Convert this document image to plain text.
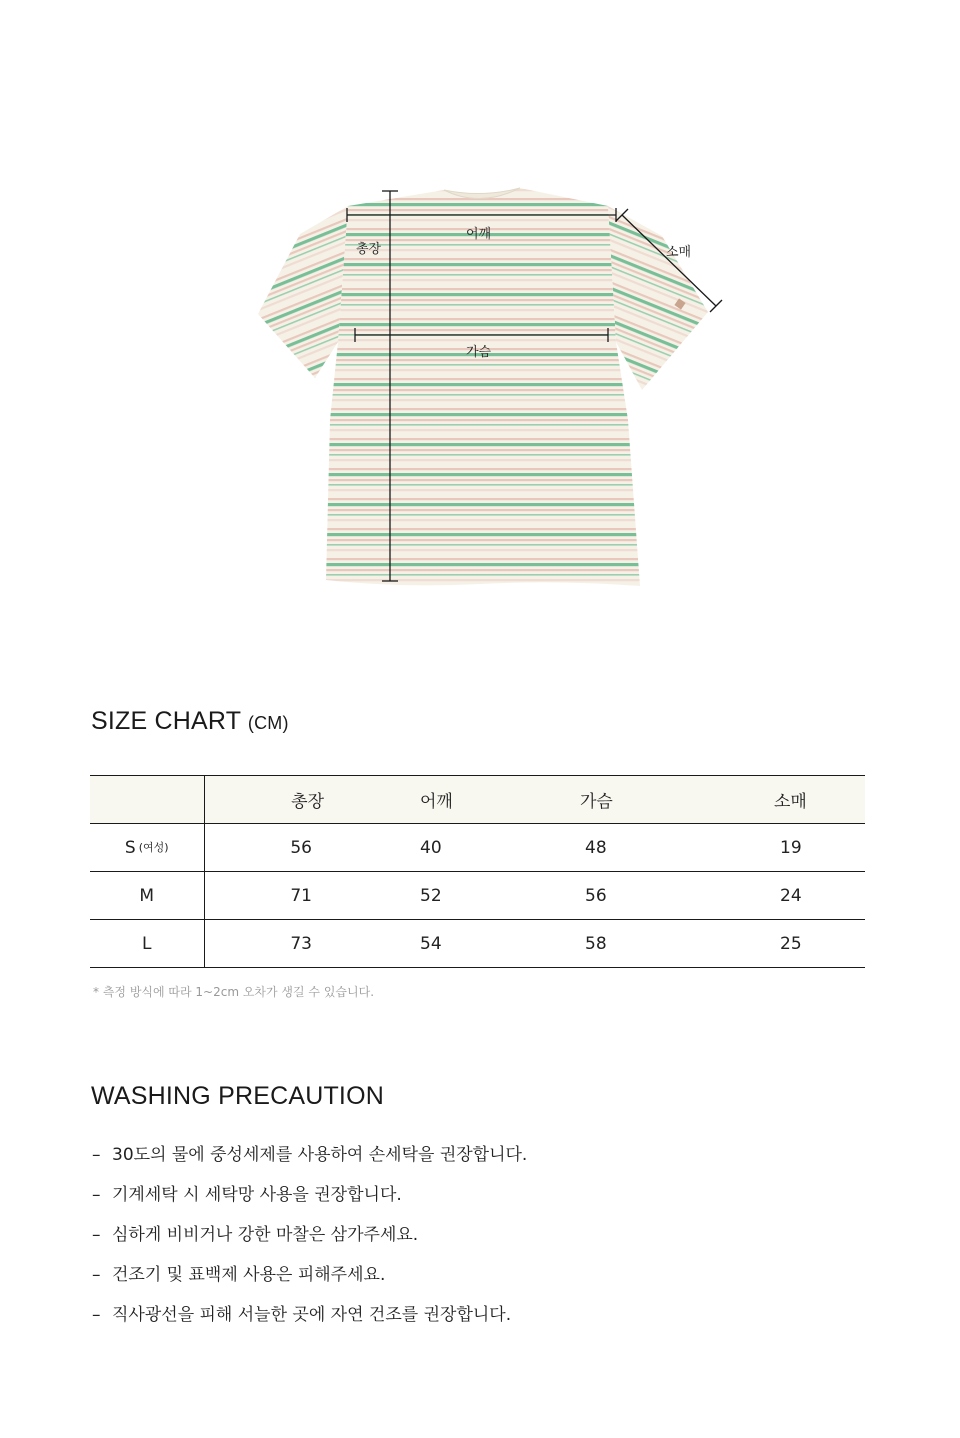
총장
어깨
소매
가슴
SIZE CHART (CM)
	총장	어깨	가슴	소매
S (여성)	56	40	48	19
M	71	52	56	24
L	73	54	58	25
* 측정 방식에 따라 1~2cm 오차가 생길 수 있습니다.
WASHING PRECAUTION
– 30도의 물에 중성세제를 사용하여 손세탁을 권장합니다.
– 기계세탁 시 세탁망 사용을 권장합니다.
– 심하게 비비거나 강한 마찰은 삼가주세요.
– 건조기 및 표백제 사용은 피해주세요.
– 직사광선을 피해 서늘한 곳에 자연 건조를 권장합니다.
